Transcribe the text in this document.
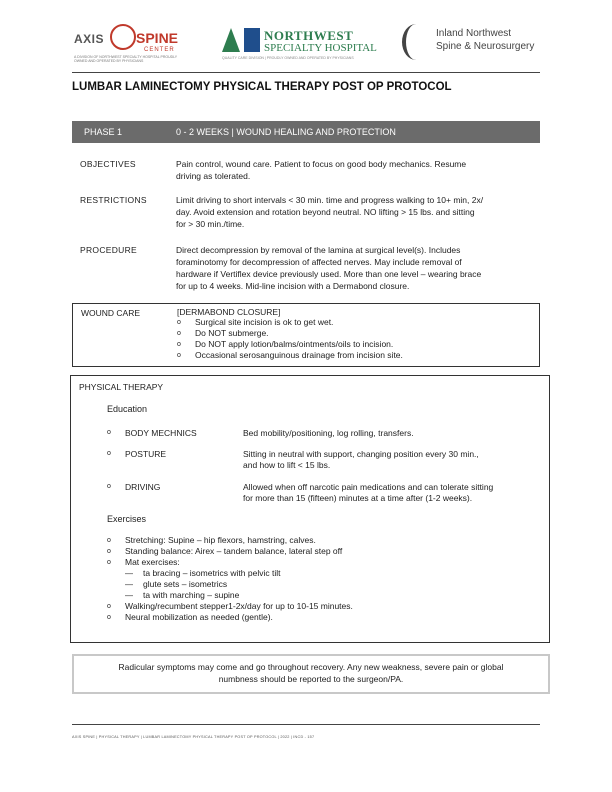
AXIS SPINE
CENTER
A DIVISION OF NORTHWEST SPECIALTY HOSPITAL PROUDLY OWNED AND OPERATED BY PHYSICIANS
NORTHWEST
SPECIALTY HOSPITAL
QUALITY CARE DIVISION | PROUDLY OWNED AND OPERATED BY PHYSICIANS
Inland Northwest
Spine & Neurosurgery
LUMBAR LAMINECTOMY PHYSICAL THERAPY POST OP PROTOCOL
PHASE 1	0 - 2 WEEKS | WOUND HEALING AND PROTECTION
OBJECTIVES	Pain control, wound care. Patient to focus on good body mechanics. Resume
driving as tolerated.
RESTRICTIONS	Limit driving to short intervals < 30 min. time and progress walking to 10+ min, 2x/
day. Avoid extension and rotation beyond neutral. NO lifting > 15 lbs. and sitting
for > 30 min./time.
PROCEDURE	Direct decompression by removal of the lamina at surgical level(s). Includes
foraminotomy for decompression of affected nerves. May include removal of
hardware if Vertiflex device previously used. More than one level – wearing brace
for up to 4 weeks. Mid-line incision with a Dermabond closure.
WOUND CARE	[DERMABOND CLOSURE]
o Surgical site incision is ok to get wet.
o Do NOT submerge.
o Do NOT apply lotion/balms/ointments/oils to incision.
o Occasional serosanguinous drainage from incision site.
PHYSICAL THERAPY
Education
o BODY MECHNICS	Bed mobility/positioning, log rolling, transfers.
o POSTURE	Sitting in neutral with support, changing position every 30 min.,
and how to lift < 15 lbs.
o DRIVING	Allowed when off narcotic pain medications and can tolerate sitting
for more than 15 (fifteen) minutes at a time after (1-2 weeks).
Exercises
o Stretching: Supine – hip flexors, hamstring, calves.
o Standing balance: Airex – tandem balance, lateral step off
o Mat exercises:
— ta bracing – isometrics with pelvic tilt
— glute sets – isometrics
— ta with marching – supine
o Walking/recumbent stepper1-2x/day for up to 10-15 minutes.
o Neural mobilization as needed (gentle).
Radicular symptoms may come and go throughout recovery. Any new weakness, severe pain or global
numbness should be reported to the surgeon/PA.
AXIS SPINE | PHYSICAL THERAPY | LUMBAR LAMINECTOMY PHYSICAL THERAPY POST OP PROTOCOL | 2022 | INCD - 157
